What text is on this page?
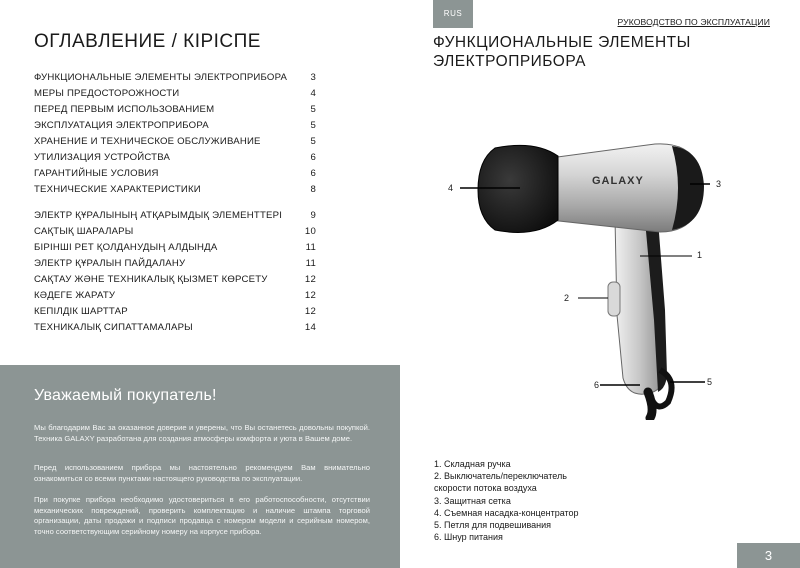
ОГЛАВЛЕНИЕ / КІРІСПЕ
ФУНКЦИОНАЛЬНЫЕ ЭЛЕМЕНТЫ ЭЛЕКТРОПРИБОРА 3
МЕРЫ ПРЕДОСТОРОЖНОСТИ	4
ПЕРЕД ПЕРВЫМ ИСПОЛЬЗОВАНИЕМ	5
ЭКСПЛУАТАЦИЯ ЭЛЕКТРОПРИБОРА	5
ХРАНЕНИЕ И ТЕХНИЧЕСКОЕ ОБСЛУЖИВАНИЕ	5
УТИЛИЗАЦИЯ УСТРОЙСТВА	6
ГАРАНТИЙНЫЕ УСЛОВИЯ	6
ТЕХНИЧЕСКИЕ ХАРАКТЕРИСТИКИ	8
ЭЛЕКТР ҚҰРАЛЫНЫҢ АТҚАРЫМДЫҚ ЭЛЕМЕНТТЕРІ	9
САҚТЫҚ ШАРАЛАРЫ	10
БІРІНШІ РЕТ ҚОЛДАНУДЫҢ АЛДЫНДА	11
ЭЛЕКТР ҚҰРАЛЫН ПАЙДАЛАНУ	11
САҚТАУ ЖӘНЕ ТЕХНИКАЛЫҚ ҚЫЗМЕТ КӨРСЕТУ	12
КӘДЕГЕ ЖАРАТУ	12
КЕПІЛДІК ШАРТТАР	12
ТЕХНИКАЛЫҚ СИПАТТАМАЛАРЫ	14
Уважаемый покупатель!
Мы благодарим Вас за оказанное доверие и уверены, что Вы останетесь довольны покупкой. Техника GALAXY разработана для создания атмосферы комфорта и уюта в Вашем доме.
Перед использованием прибора мы настоятельно рекомендуем Вам внимательно ознакомиться со всеми пунктами настоящего руководства по эксплуатации.
При покупке прибора необходимо удостовериться в его работоспособности, отсутствии механических повреждений, проверить комплектацию и наличие штампа торговой организации, даты продажи и подписи продавца с номером модели и серийным номером, точно соответствующим серийному номеру на корпусе прибора.
RUS
РУКОВОДСТВО ПО ЭКСПЛУАТАЦИИ
ФУНКЦИОНАЛЬНЫЕ ЭЛЕМЕНТЫ
ЭЛЕКТРОПРИБОРА
GALAXY
4	3
1
2
6	5
1. Складная ручка
2. Выключатель/переключатель
скорости потока воздуха
3. Защитная сетка
4. Съемная насадка-концентратор
5. Петля для подвешивания
6. Шнур питания
3
